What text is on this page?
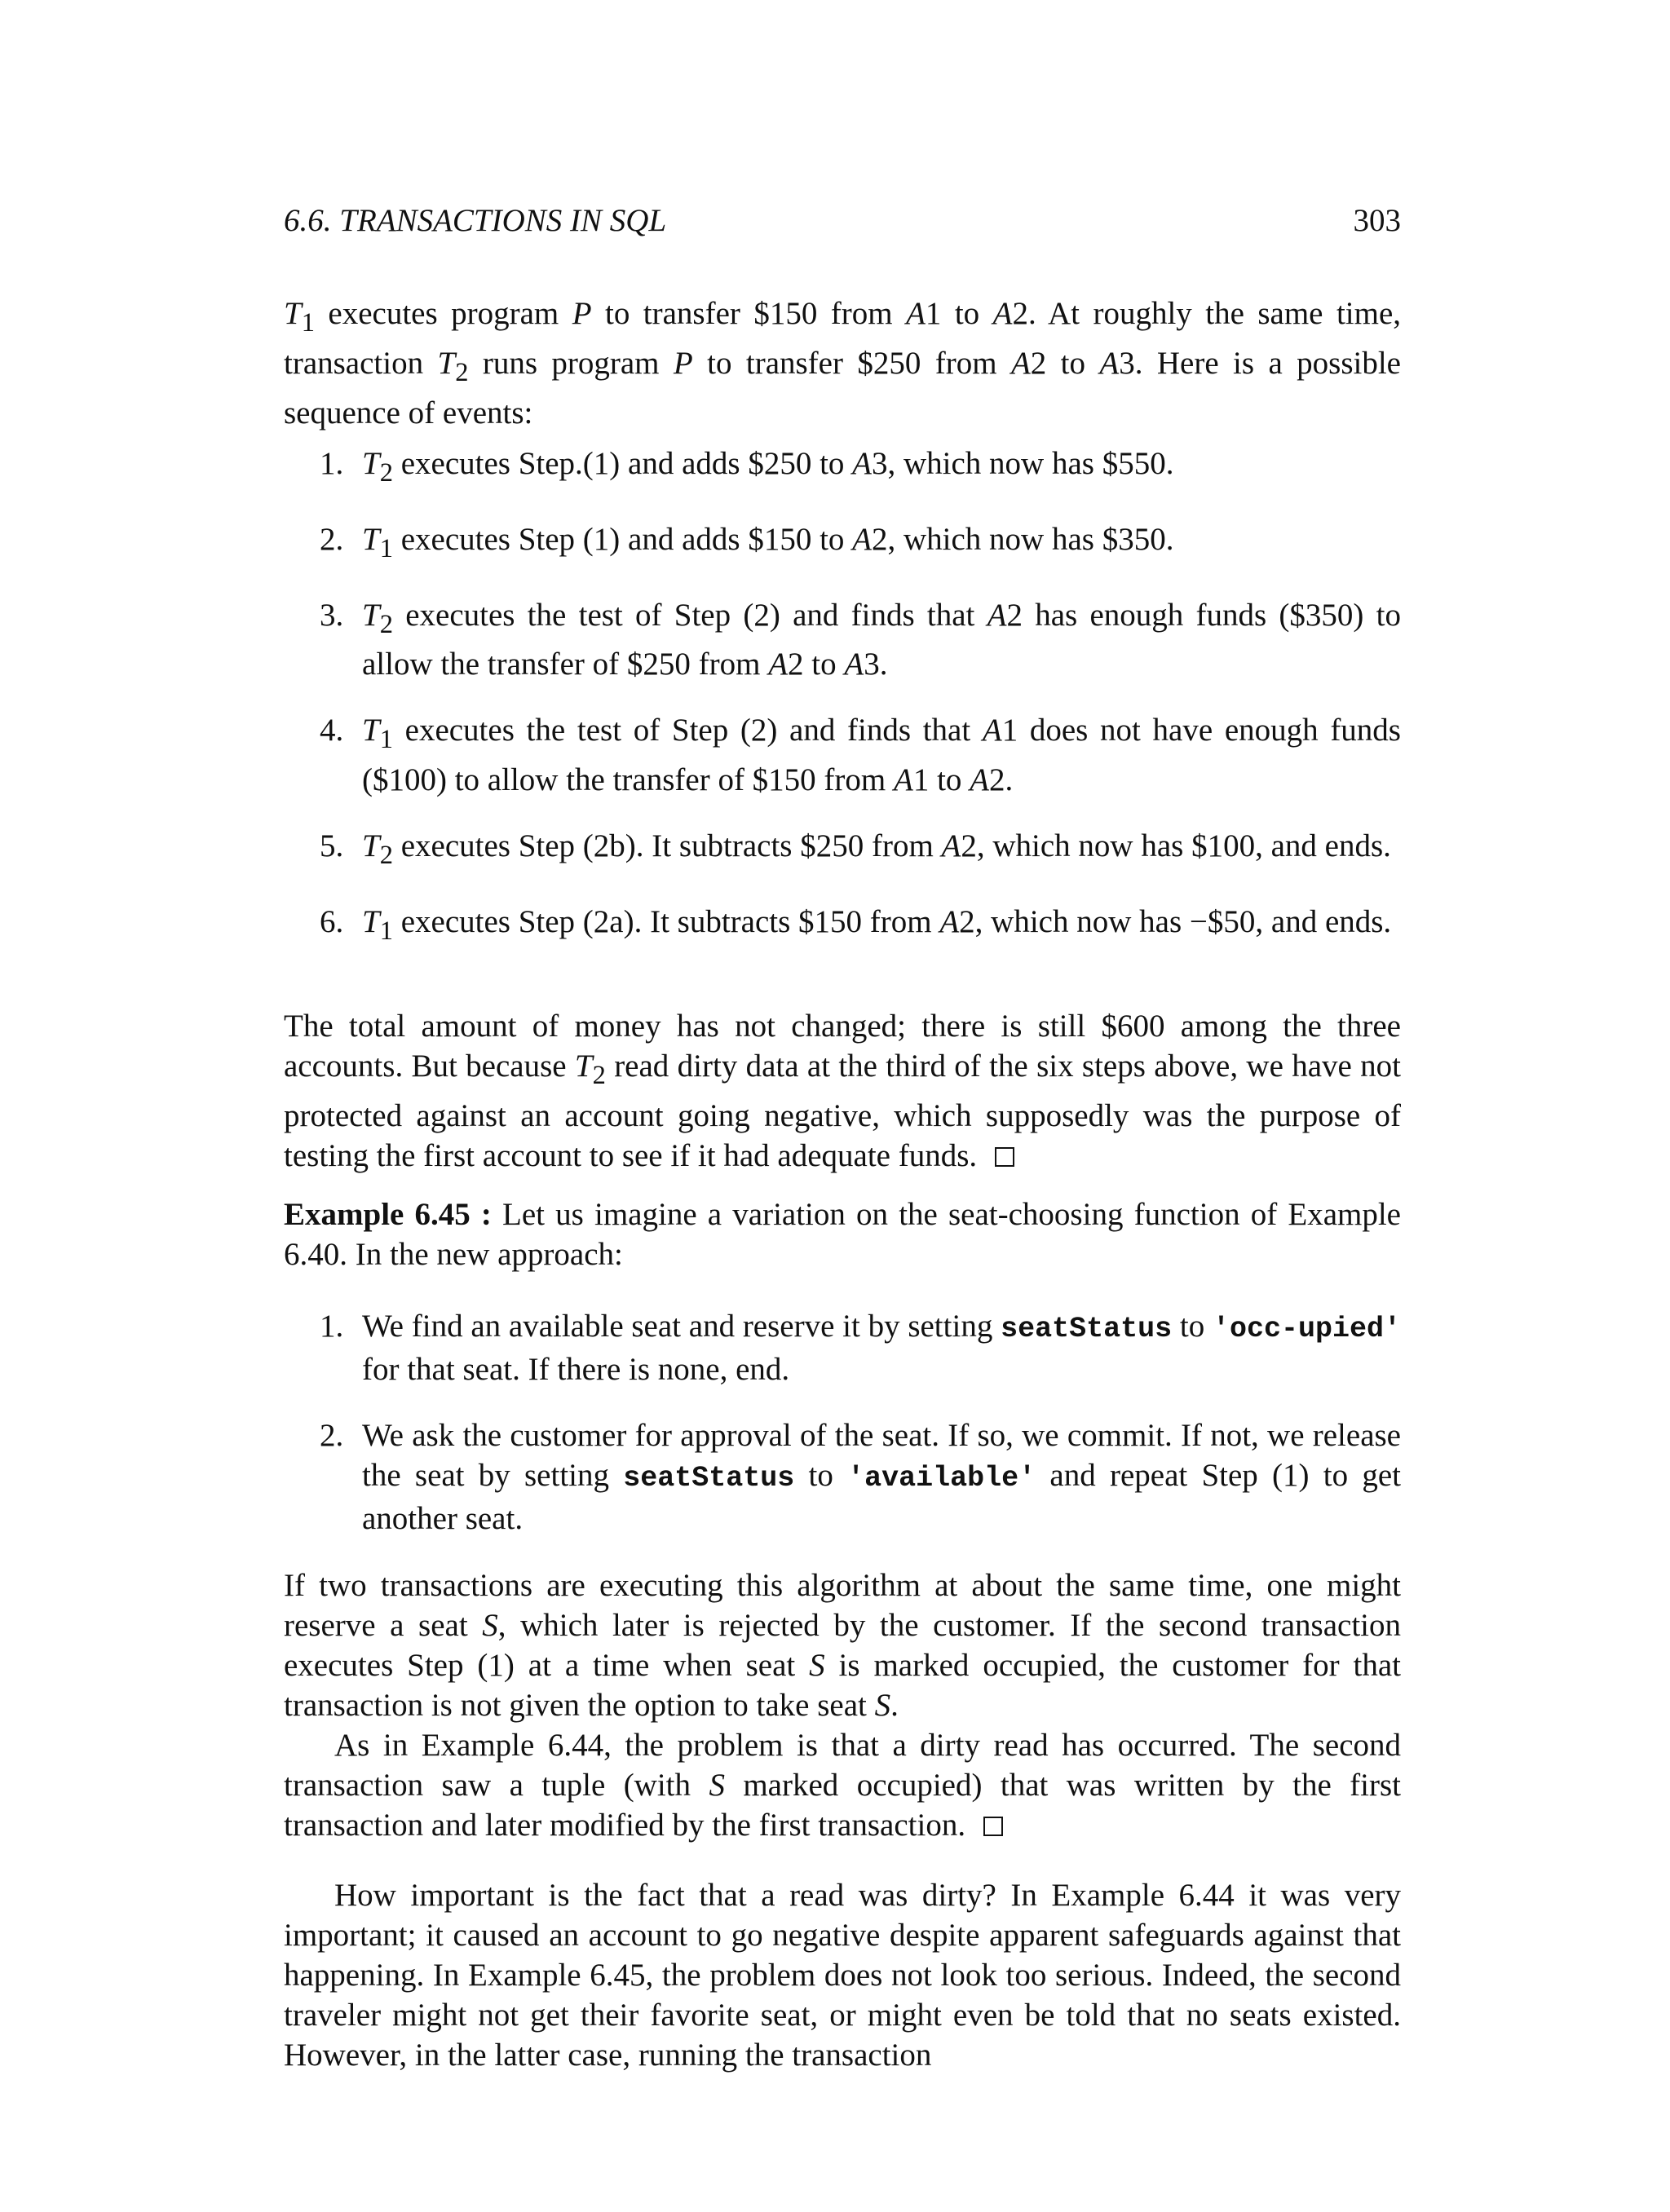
6.6. TRANSACTIONS IN SQL	303

$T_1$ executes program P to transfer $150 from A1 to A2. At roughly the same time, transaction $T_2$ runs program P to transfer $250 from A2 to A3. Here is a possible sequence of events:

1. $T_2$ executes Step.(1) and adds $250 to A3, which now has $550.
2. $T_1$ executes Step (1) and adds $150 to A2, which now has $350.
3. $T_2$ executes the test of Step (2) and finds that A2 has enough funds ($350) to allow the transfer of $250 from A2 to A3.
4. $T_1$ executes the test of Step (2) and finds that A1 does not have enough funds ($100) to allow the transfer of $150 from A1 to A2.
5. $T_2$ executes Step (2b). It subtracts $250 from A2, which now has $100, and ends.
6. $T_1$ executes Step (2a). It subtracts $150 from A2, which now has −$50, and ends.

The total amount of money has not changed; there is still $600 among the three accounts. But because $T_2$ read dirty data at the third of the six steps above, we have not protected against an account going negative, which supposedly was the purpose of testing the first account to see if it had adequate funds.

Example 6.45 : Let us imagine a variation on the seat-choosing function of Example 6.40. In the new approach:

1. We find an available seat and reserve it by setting seatStatus to 'occ-upied' for that seat. If there is none, end.
2. We ask the customer for approval of the seat. If so, we commit. If not, we release the seat by setting seatStatus to 'available' and repeat Step (1) to get another seat.

If two transactions are executing this algorithm at about the same time, one might reserve a seat S, which later is rejected by the customer. If the second transaction executes Step (1) at a time when seat S is marked occupied, the customer for that transaction is not given the option to take seat S.

As in Example 6.44, the problem is that a dirty read has occurred. The second transaction saw a tuple (with S marked occupied) that was written by the first transaction and later modified by the first transaction.

How important is the fact that a read was dirty? In Example 6.44 it was very important; it caused an account to go negative despite apparent safeguards against that happening. In Example 6.45, the problem does not look too serious. Indeed, the second traveler might not get their favorite seat, or might even be told that no seats existed. However, in the latter case, running the transaction
